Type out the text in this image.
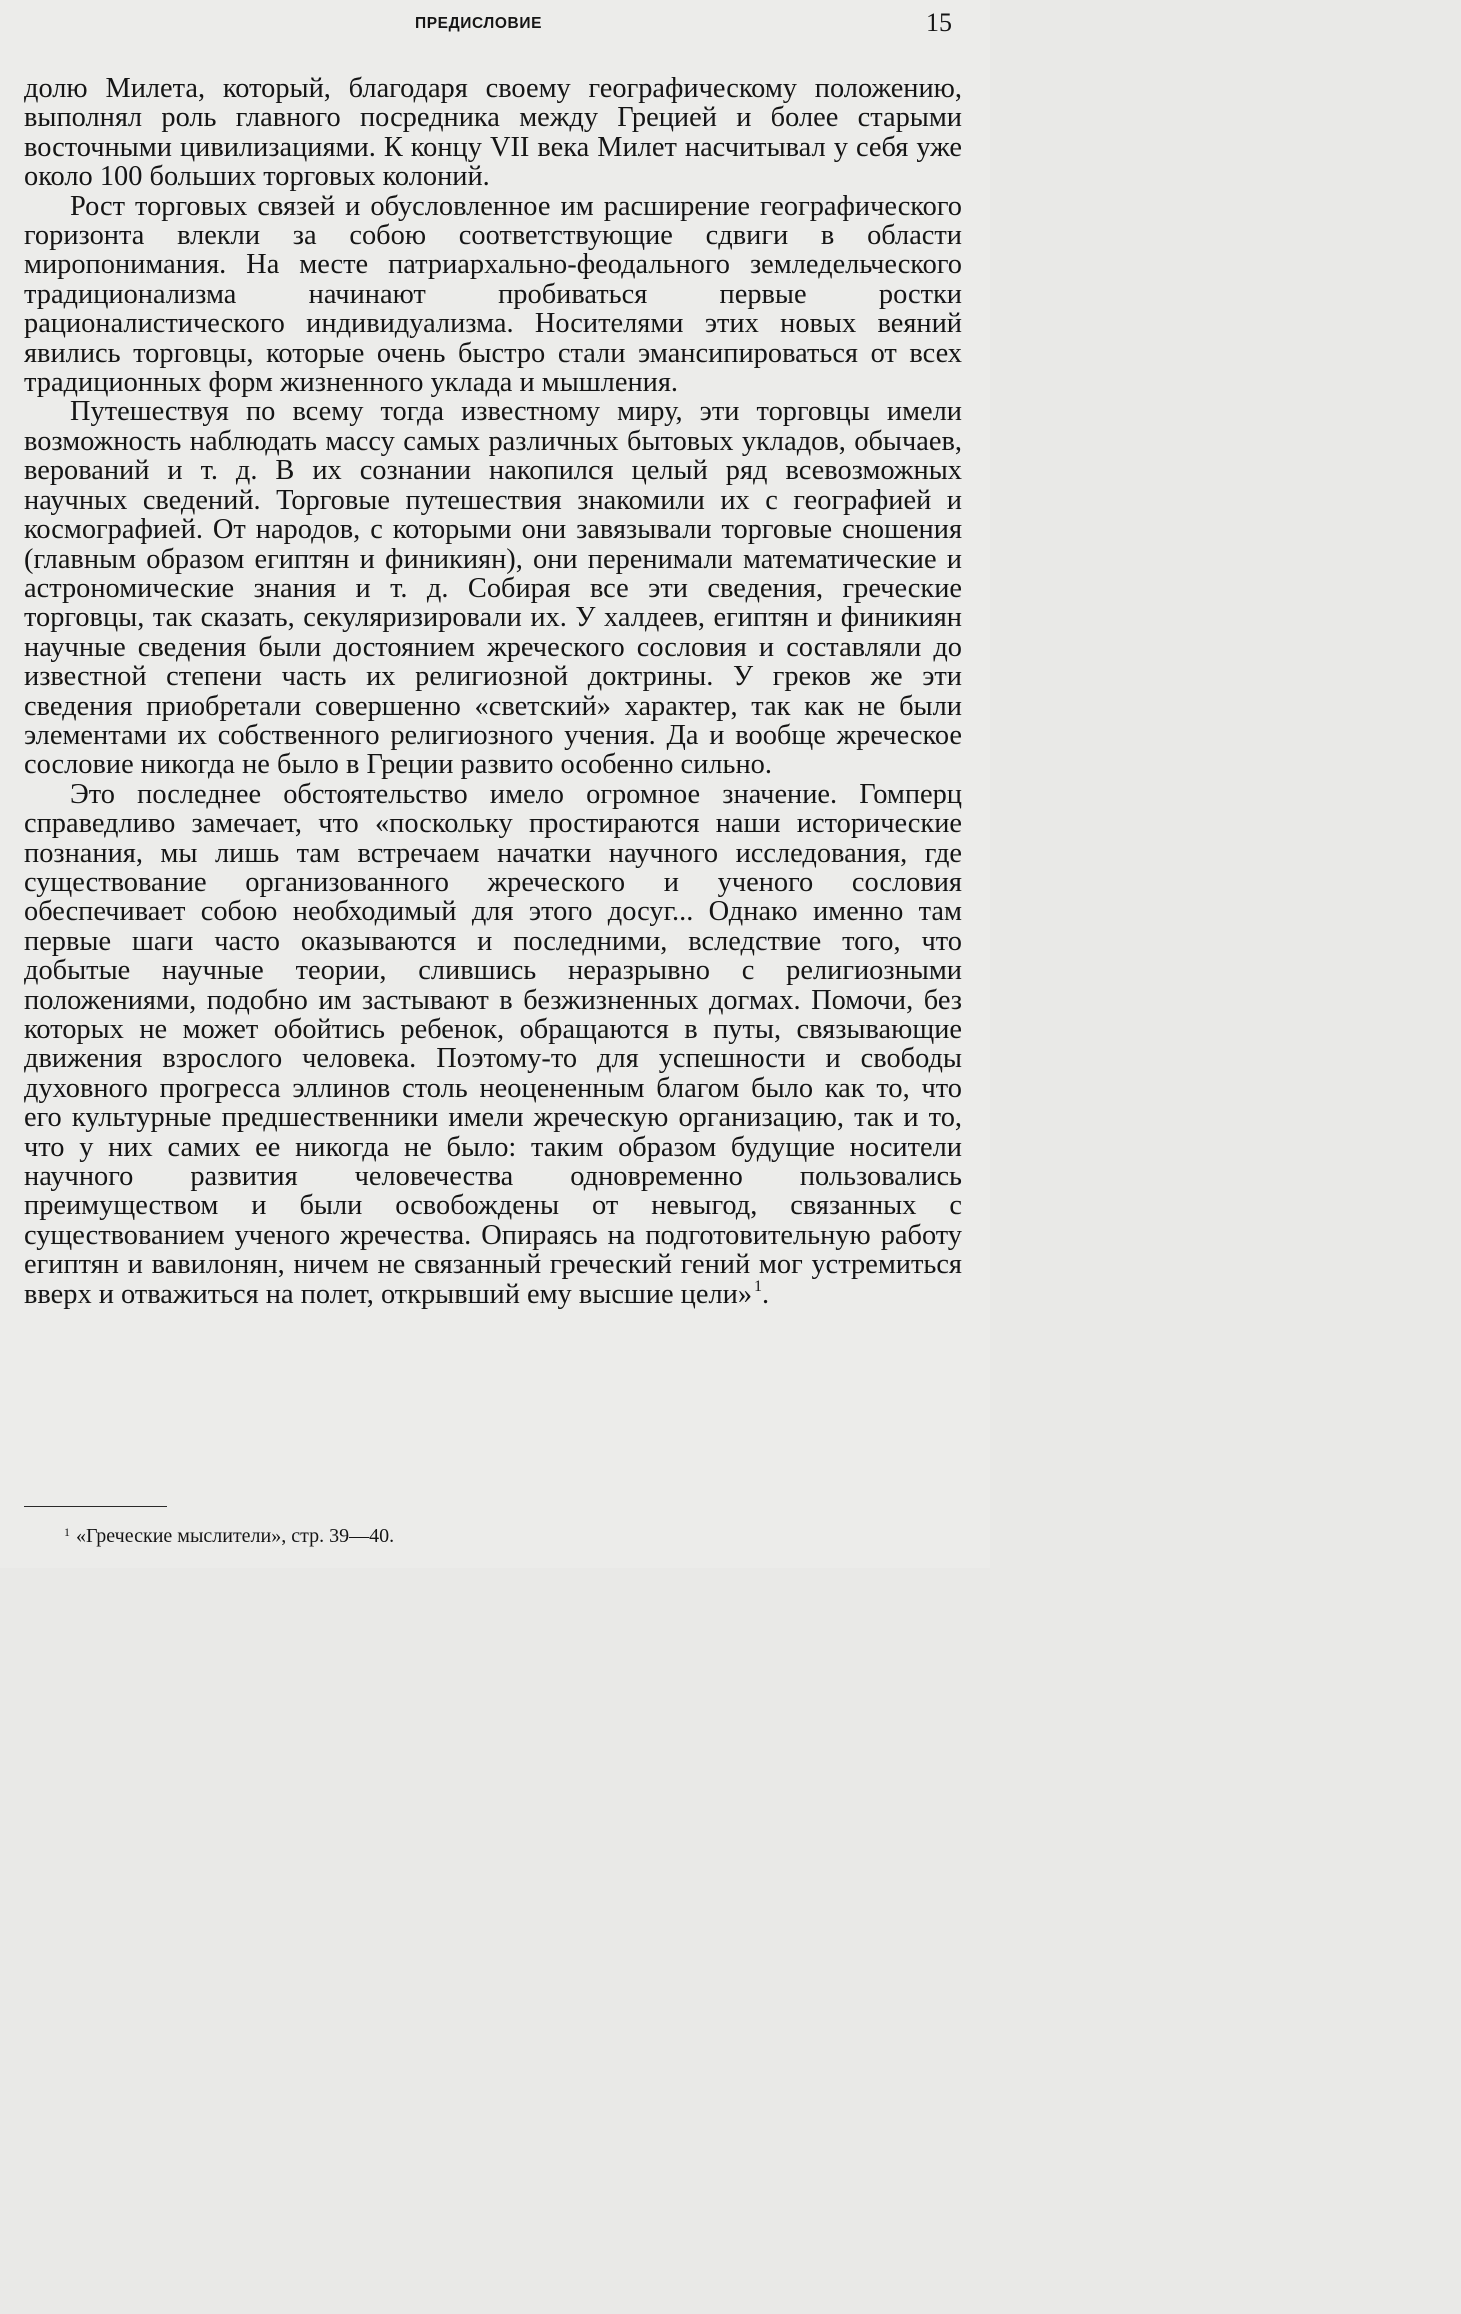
ПРЕДИСЛОВИЕ	15

долю Милета, который, благодаря своему географическому положению, выполнял роль главного посредника между Грецией и более старыми восточными цивилизациями. К концу VII века Милет насчитывал у себя уже около 100 больших торговых колоний.

Рост торговых связей и обусловленное им расширение географического горизонта влекли за собою соответствующие сдвиги в области миропонимания. На месте патриархально-феодального земледельческого традиционализма начинают пробиваться первые ростки рационалистического индивидуализма. Носителями этих новых веяний явились торговцы, которые очень быстро стали эмансипироваться от всех традиционных форм жизненного уклада и мышления.

Путешествуя по всему тогда известному миру, эти торговцы имели возможность наблюдать массу самых различных бытовых укладов, обычаев, верований и т. д. В их сознании накопился целый ряд всевозможных научных сведений. Торговые путешествия знакомили их с географией и космографией. От народов, с которыми они завязывали торговые сношения (главным образом египтян и финикиян), они перенимали математические и астрономические знания и т. д. Собирая все эти сведения, греческие торговцы, так сказать, секуляризировали их. У халдеев, египтян и финикиян научные сведения были достоянием жреческого сословия и составляли до известной степени часть их религиозной доктрины. У греков же эти сведения приобретали совершенно «светский» характер, так как не были элементами их собственного религиозного учения. Да и вообще жреческое сословие никогда не было в Греции развито особенно сильно.

Это последнее обстоятельство имело огромное значение. Гомперц справедливо замечает, что «поскольку простираются наши исторические познания, мы лишь там встречаем начатки научного исследования, где существование организованного жреческого и ученого сословия обеспечивает собою необходимый для этого досуг... Однако именно там первые шаги часто оказываются и последними, вследствие того, что добытые научные теории, слившись неразрывно с религиозными положениями, подобно им застывают в безжизненных догмах. Помочи, без которых не может обойтись ребенок, обращаются в путы, связывающие движения взрослого человека. Поэтому-то для успешности и свободы духовного прогресса эллинов столь неоцененным благом было как то, что его культурные предшественники имели жреческую организацию, так и то, что у них самих ее никогда не было: таким образом будущие носители научного развития человечества одновременно пользовались преимуществом и были освобождены от невыгод, связанных с существованием ученого жречества. Опираясь на подготовительную работу египтян и вавилонян, ничем не связанный греческий гений мог устремиться вверх и отважиться на полет, открывший ему высшие цели» $^1$.

$^1$ «Греческие мыслители», стр. 39—40.
